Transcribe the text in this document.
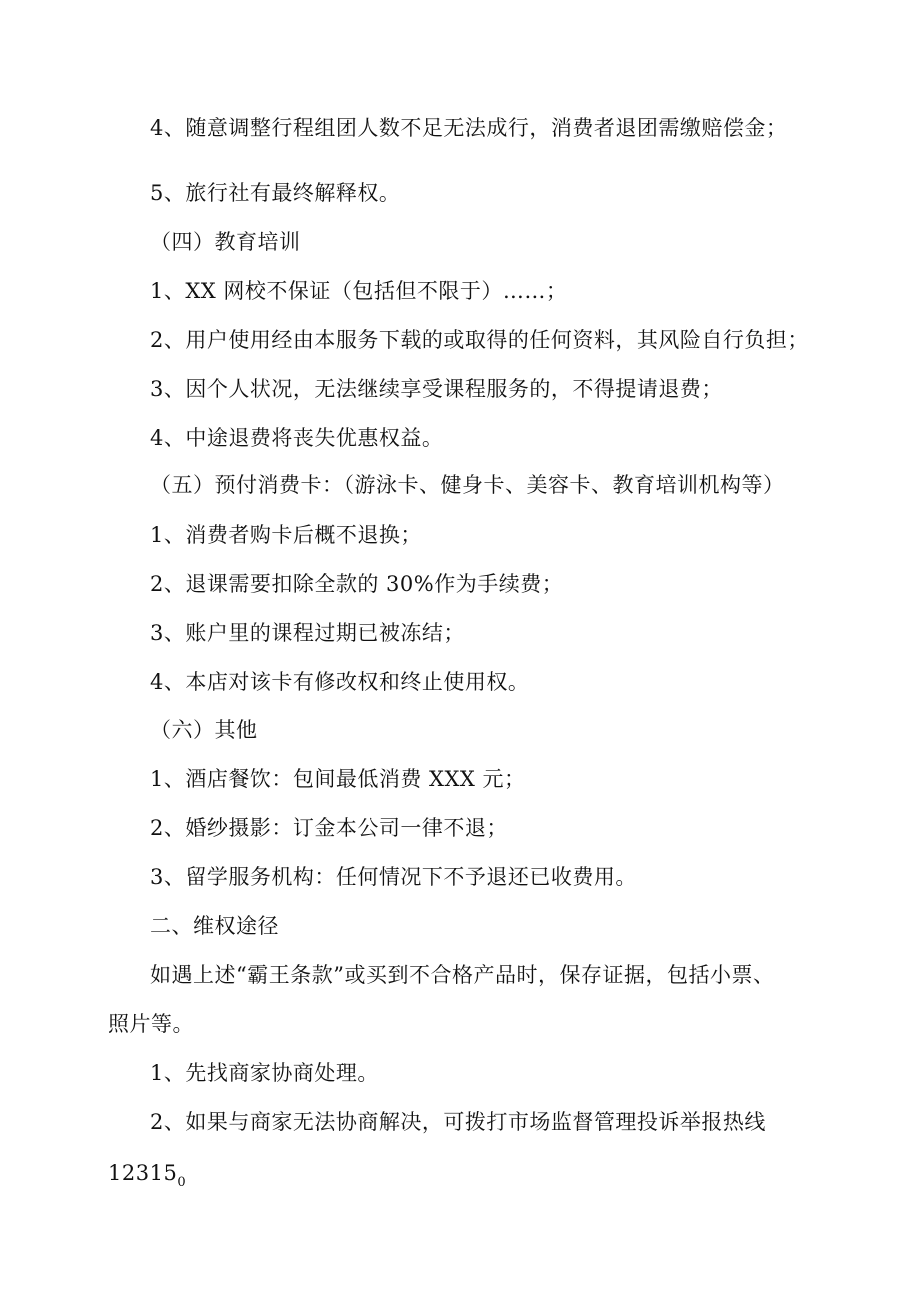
4、随意调整行程组团人数不足无法成行，消费者退团需缴赔偿金；
5、旅行社有最终解释权。
（四）教育培训
1、XX 网校不保证（包括但不限于）……；
2、用户使用经由本服务下载的或取得的任何资料，其风险自行负担；
3、因个人状况，无法继续享受课程服务的，不得提请退费；
4、中途退费将丧失优惠权益。
（五）预付消费卡：（游泳卡、健身卡、美容卡、教育培训机构等）
1、消费者购卡后概不退换；
2、退课需要扣除全款的 30%作为手续费；
3、账户里的课程过期已被冻结；
4、本店对该卡有修改权和终止使用权。
（六）其他
1、酒店餐饮：包间最低消费 XXX 元；
2、婚纱摄影：订金本公司一律不退；
3、留学服务机构：任何情况下不予退还已收费用。
二、维权途径
如遇上述“霸王条款”或买到不合格产品时，保存证据，包括小票、
照片等。
1、先找商家协商处理。
2、如果与商家无法协商解决，可拨打市场监督管理投诉举报热线
$12315_0$
